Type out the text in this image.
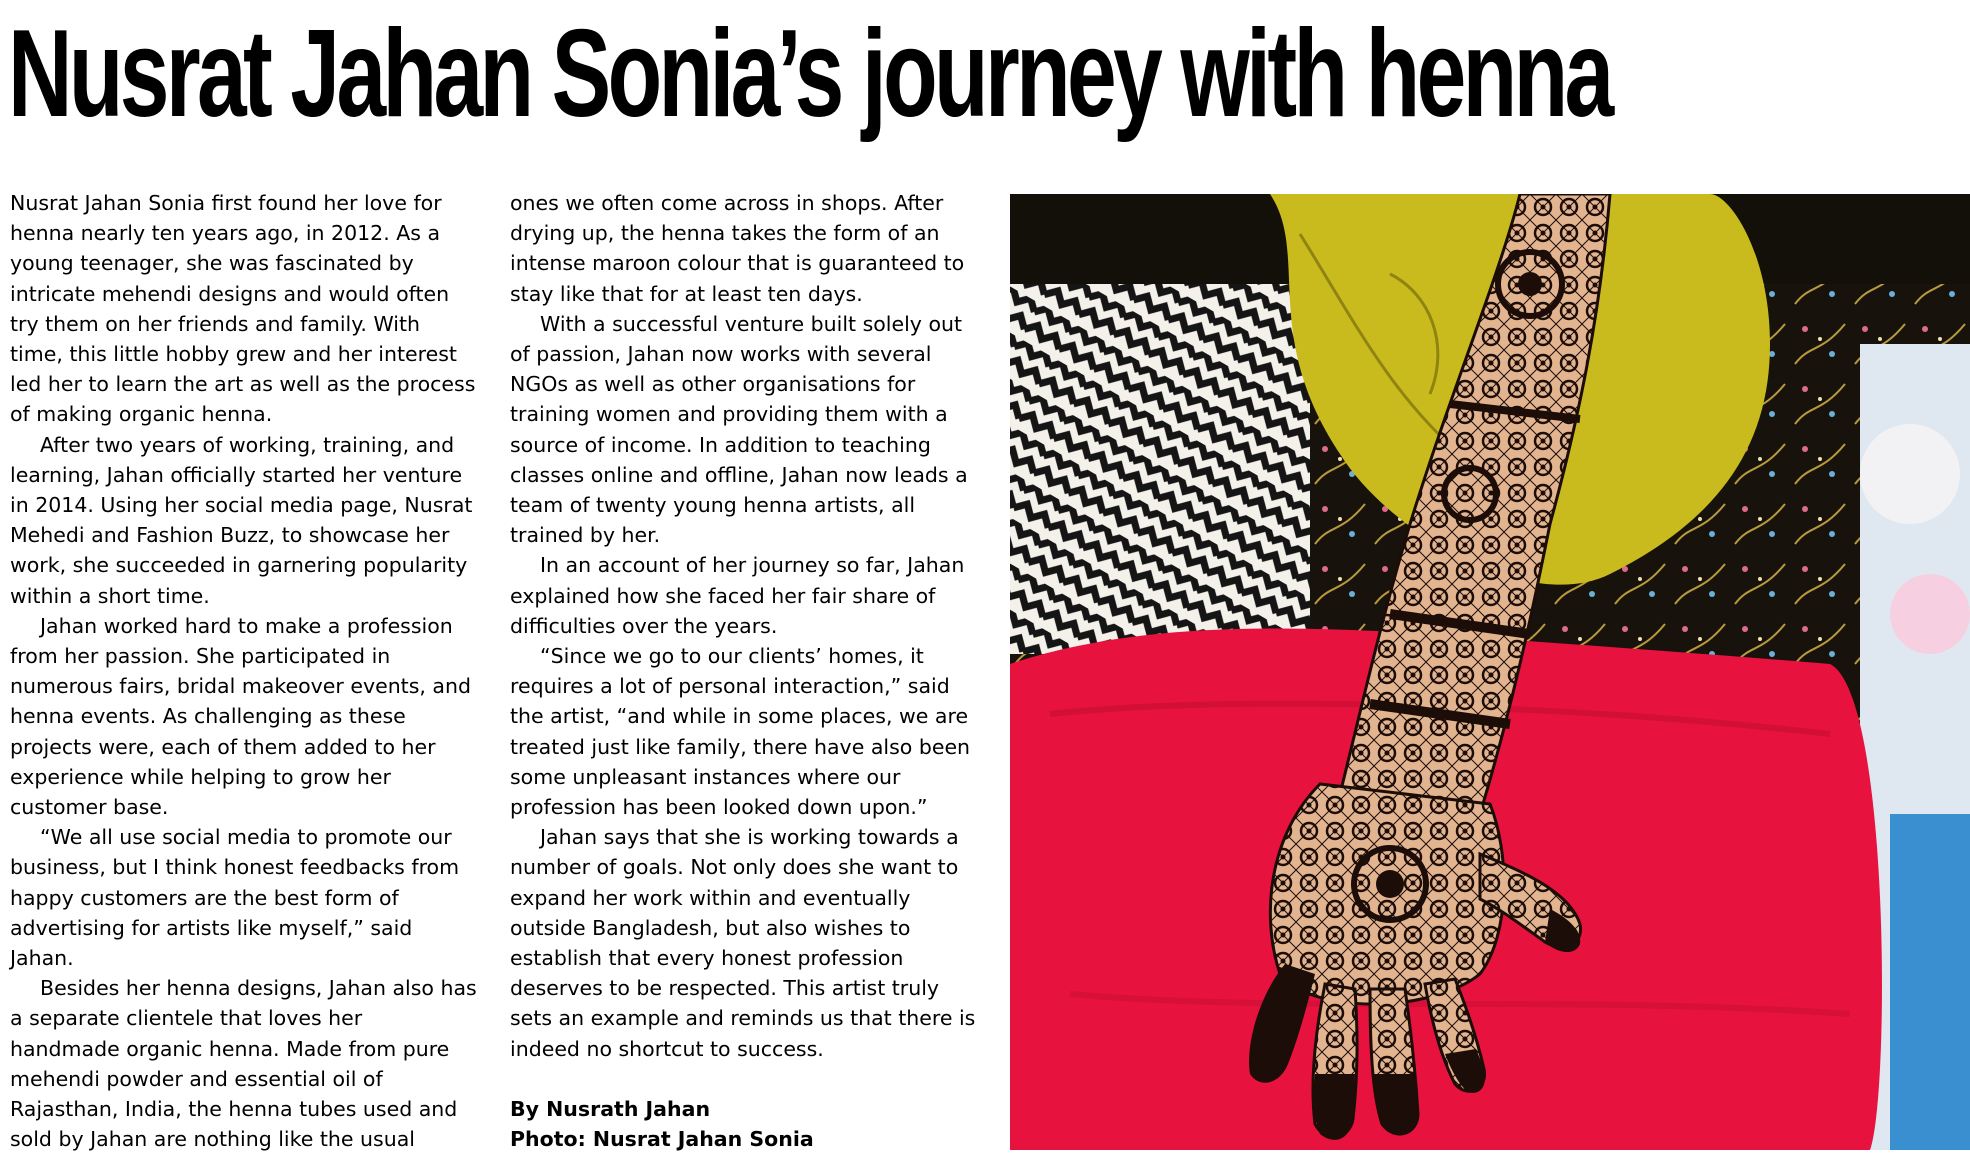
Nusrat Jahan Sonia’s journey with henna

Nusrat Jahan Sonia first found her love for henna nearly ten years ago, in 2012. As a young teenager, she was fascinated by intricate mehendi designs and would often try them on her friends and family. With time, this little hobby grew and her interest led her to learn the art as well as the process of making organic henna.

After two years of working, training, and learning, Jahan officially started her venture in 2014. Using her social media page, Nusrat Mehedi and Fashion Buzz, to showcase her work, she succeeded in garnering popularity within a short time.

Jahan worked hard to make a profession from her passion. She participated in numerous fairs, bridal makeover events, and henna events. As challenging as these projects were, each of them added to her experience while helping to grow her customer base.

“We all use social media to promote our business, but I think honest feedbacks from happy customers are the best form of advertising for artists like myself,” said Jahan.

Besides her henna designs, Jahan also has a separate clientele that loves her handmade organic henna. Made from pure mehendi powder and essential oil of Rajasthan, India, the henna tubes used and sold by Jahan are nothing like the usual

ones we often come across in shops. After drying up, the henna takes the form of an intense maroon colour that is guaranteed to stay like that for at least ten days.

With a successful venture built solely out of passion, Jahan now works with several NGOs as well as other organisations for training women and providing them with a source of income. In addition to teaching classes online and offline, Jahan now leads a team of twenty young henna artists, all trained by her.

In an account of her journey so far, Jahan explained how she faced her fair share of difficulties over the years.

“Since we go to our clients’ homes, it requires a lot of personal interaction,” said the artist, “and while in some places, we are treated just like family, there have also been some unpleasant instances where our profession has been looked down upon.”

Jahan says that she is working towards a number of goals. Not only does she want to expand her work within and eventually outside Bangladesh, but also wishes to establish that every honest profession deserves to be respected. This artist truly sets an example and reminds us that there is indeed no shortcut to success.

By Nusrath Jahan
Photo: Nusrat Jahan Sonia
